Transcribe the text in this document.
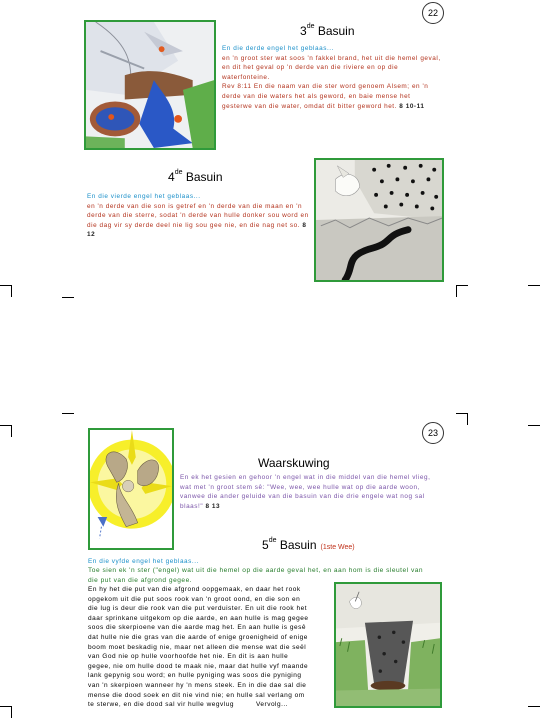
22
3de Basuin
En die derde engel het geblaas...
en 'n groot ster wat soos 'n fakkel brand, het uit die hemel geval, en dit het geval op 'n derde van die riviere en op die waterfonteine.
Rev 8:11 En die naam van die ster word genoem Alsem; en 'n derde van die waters het als geword, en baie mense het gesterwe van die water, omdat dit bitter geword het. 8 10-11
4de Basuin
En die vierde engel het geblaas...
en 'n derde van die son is getref en 'n derde van die maan en 'n derde van die sterre, sodat 'n derde van hulle donker sou word en die dag vir sy derde deel nie lig sou gee nie, en die nag net so. 8 12
23
Waarskuwing
En ek het gesien en gehoor 'n engel wat in die middel van die hemel vlieg, wat met 'n groot stem sê: "Wee, wee, wee hulle wat op die aarde woon, vanwee die ander geluide van die basuin van die drie engele wat nog sal blaas!" 8 13
5de Basuin (1ste Wee)
En die vyfde engel het geblaas...
Toe sien ek 'n ster ("engel) wat uit die hemel op die aarde geval het, en aan hom is die sleutel van
die put van die afgrond gegee.
En hy het die put van die afgrond oopgemaak, en daar het rook
opgekom uit die put soos rook van 'n groot oond, en die son en
die lug is deur die rook van die put verduister. En uit die rook het
daar sprinkane uitgekom op die aarde, en aan hulle is mag gegee
soos die skerpioene van die aarde mag het. En aan hulle is gesê
dat hulle nie die gras van die aarde of enige groenigheid of enige
boom moet beskadig nie, maar net alleen die mense wat die seël
van God nie op hulle voorhoofde het nie. En dit is aan hulle
gegee, nie om hulle dood te maak nie, maar dat hulle vyf maande
lank gepynig sou word; en hulle pyniging was soos die pyniging
van 'n skerpioen wanneer hy 'n mens steek. En in die dae sal die
mense die dood soek en dit nie vind nie; en hulle sal verlang om
te sterwe, en die dood sal vir hulle wegvlug	Vervolg...
